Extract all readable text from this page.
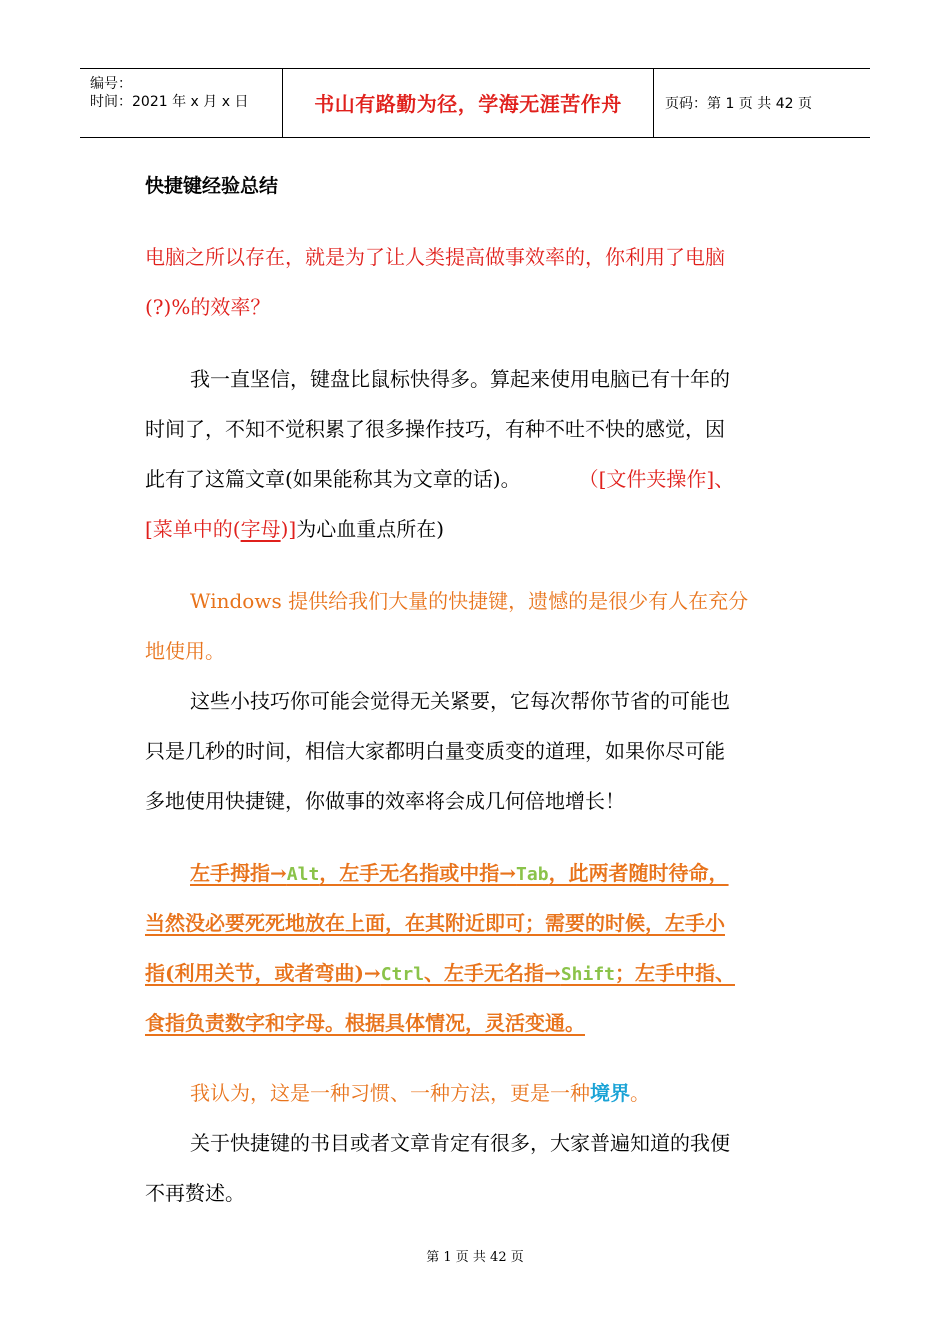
编号：
时间：2021 年 x 月 x 日	书山有路勤为径，学海无涯苦作舟	页码：第 1 页 共 42 页
快捷键经验总结
电脑之所以存在，就是为了让人类提高做事效率的，你利用了电脑
(?)%的效率？
我一直坚信，键盘比鼠标快得多。算起来使用电脑已有十年的
时间了，不知不觉积累了很多操作技巧，有种不吐不快的感觉，因
此有了这篇文章(如果能称其为文章的话)。	（[文件夹操作]、
[菜单中的(字母)]为心血重点所在)
Windows 提供给我们大量的快捷键，遗憾的是很少有人在充分
地使用。
这些小技巧你可能会觉得无关紧要，它每次帮你节省的可能也
只是几秒的时间，相信大家都明白量变质变的道理，如果你尽可能
多地使用快捷键，你做事的效率将会成几何倍地增长！
左手拇指→Alt，左手无名指或中指→Tab，此两者随时待命，
当然没必要死死地放在上面，在其附近即可；需要的时候，左手小
指(利用关节，或者弯曲)→Ctrl、左手无名指→Shift；左手中指、
食指负责数字和字母。根据具体情况，灵活变通。
我认为，这是一种习惯、一种方法，更是一种境界。
关于快捷键的书目或者文章肯定有很多，大家普遍知道的我便
不再赘述。
第 1 页 共 42 页
